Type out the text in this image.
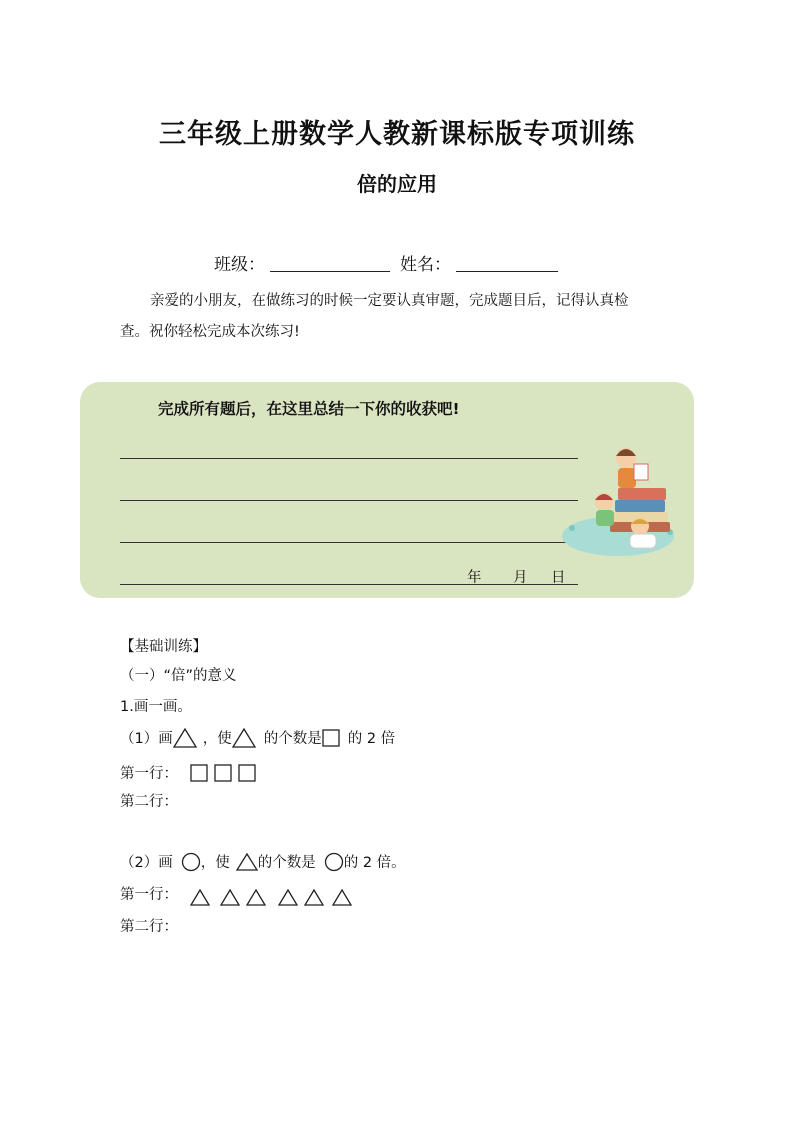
三年级上册数学人教新课标版专项训练
倍的应用
班级：	姓名：
亲爱的小朋友，在做练习的时候一定要认真审题，完成题目后，记得认真检
查。祝你轻松完成本次练习!
完成所有题后，在这里总结一下你的收获吧!
年 月 日
【基础训练】
（一）“倍”的意义
1.画一画。
（1）画 ，使 的个数是 的 2 倍
第一行：
第二行：
（2）画 ，使 的个数是 的 2 倍。
第一行：
第二行：
